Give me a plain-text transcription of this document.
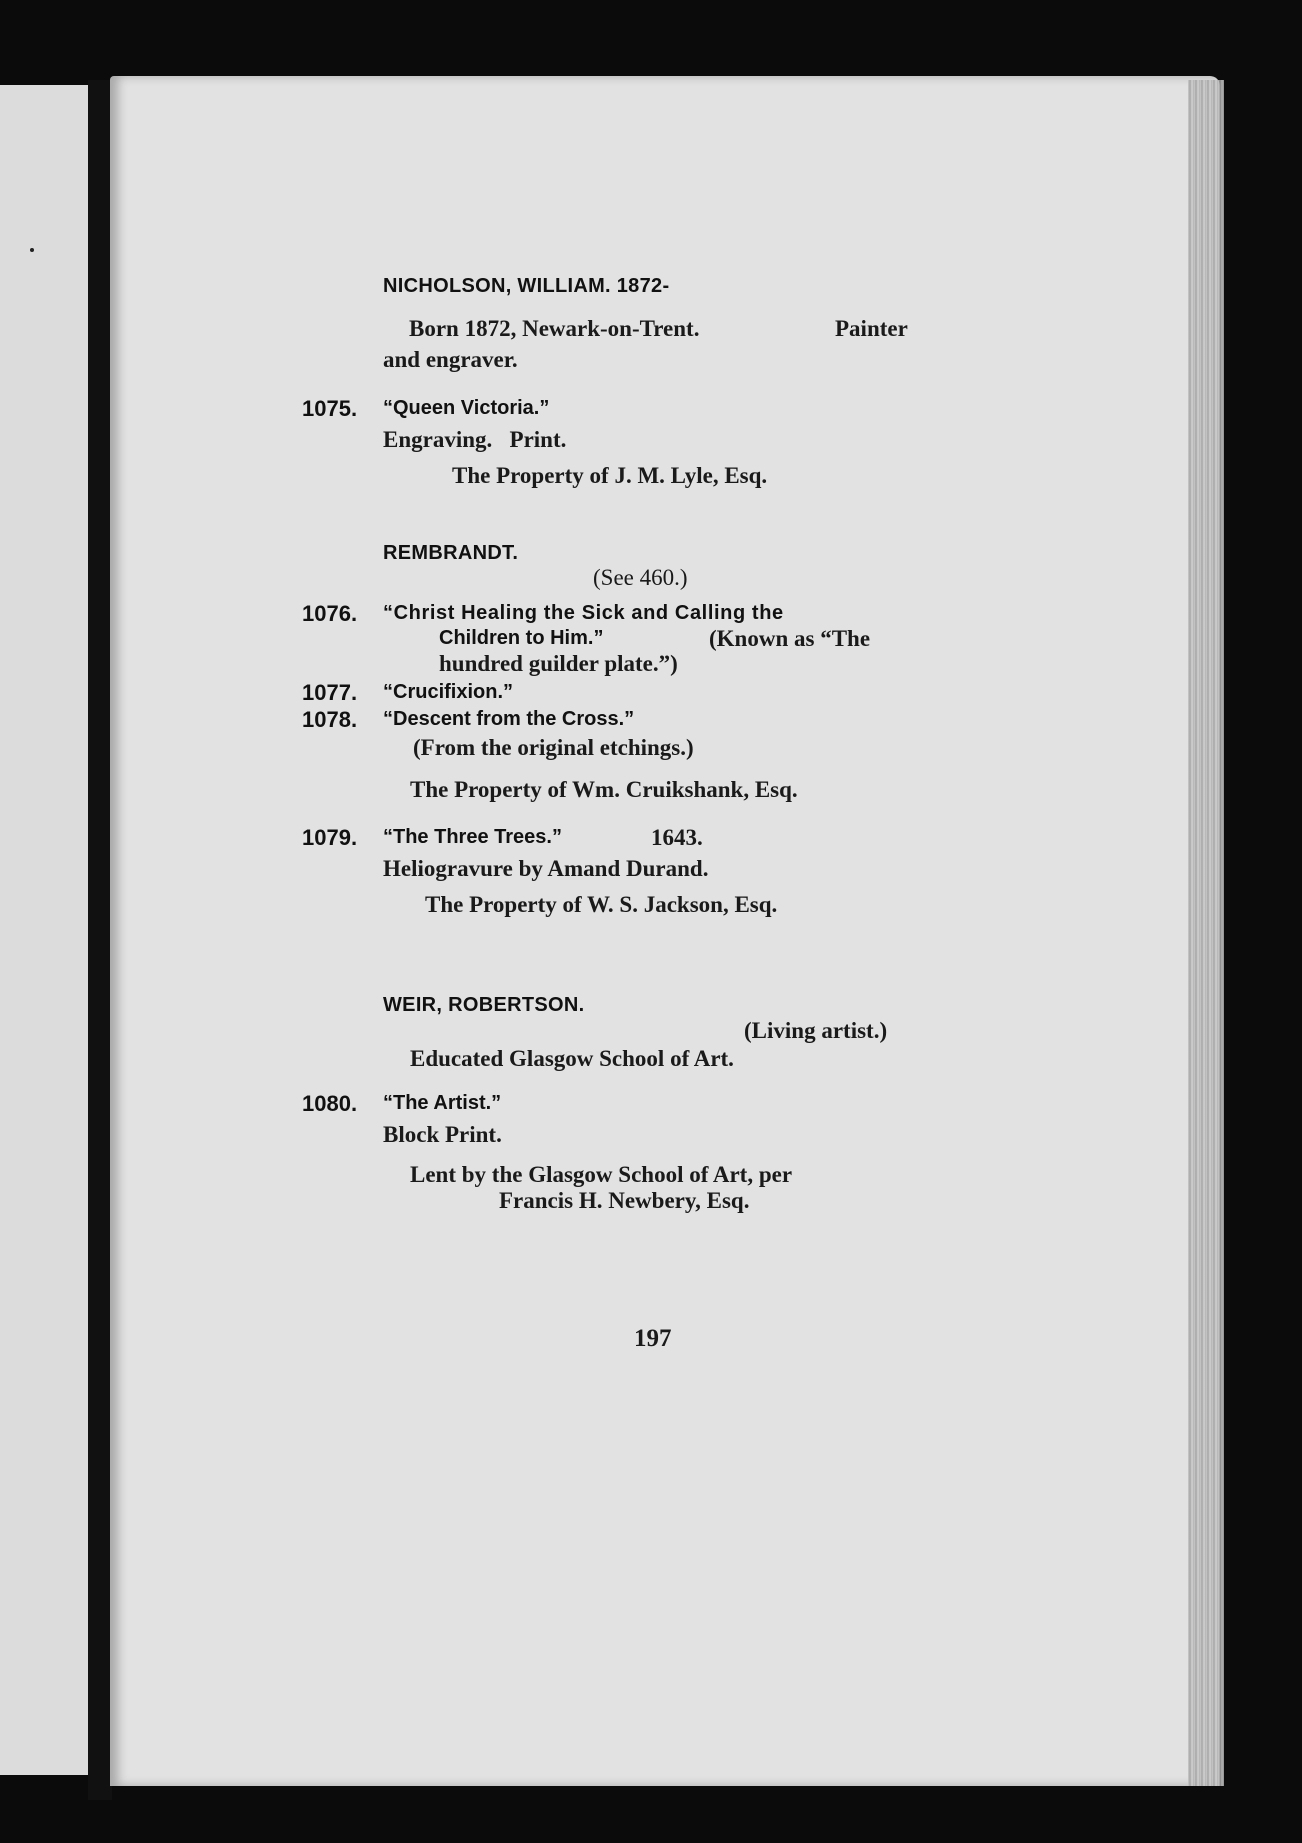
NICHOLSON, WILLIAM. 1872-
Born 1872, Newark-on-Trent.	Painter
and engraver.
1075. “Queen Victoria.”
Engraving.   Print.
The Property of J. M. Lyle, Esq.
REMBRANDT.
(See 460.)
1076. “Christ Healing the Sick and Calling the
Children to Him.”	(Known as “The
hundred guilder plate.”)
1077. “Crucifixion.”
1078. “Descent from the Cross.”
(From the original etchings.)
The Property of Wm. Cruikshank, Esq.
1079. “The Three Trees.”	1643.
Heliogravure by Amand Durand.
The Property of W. S. Jackson, Esq.
WEIR, ROBERTSON.
(Living artist.)
Educated Glasgow School of Art.
1080. “The Artist.”
Block Print.
Lent by the Glasgow School of Art, per
Francis H. Newbery, Esq.
197
